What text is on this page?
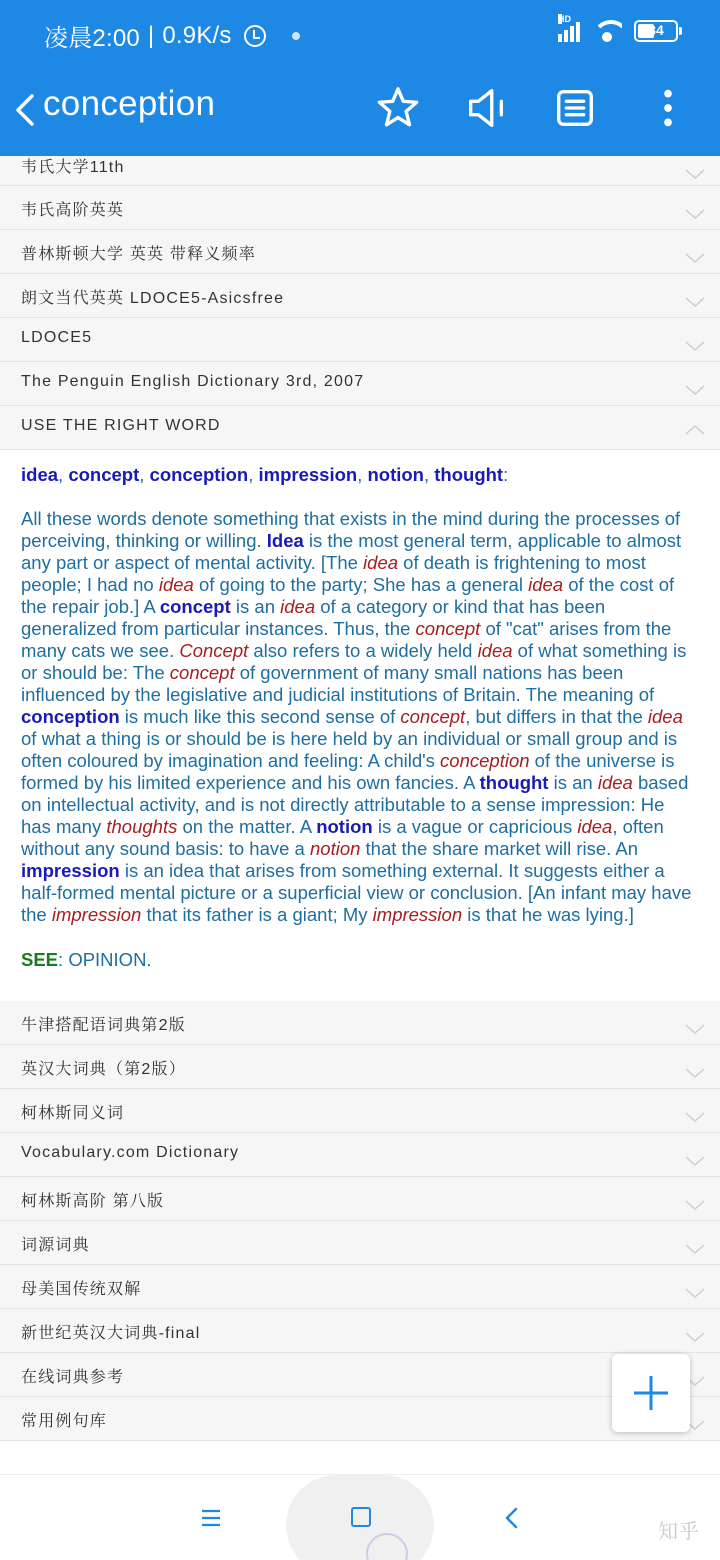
凌晨2:00 | 0.9K/s
HD
34
conception
韦氏大学11th
韦氏高阶英英
普林斯顿大学 英英 带释义频率
朗文当代英英 LDOCE5-Asicsfree
LDOCE5
The Penguin English Dictionary 3rd, 2007
USE THE RIGHT WORD

idea, concept, conception, impression, notion, thought:

All these words denote something that exists in the mind during the processes of perceiving, thinking or willing. Idea is the most general term, applicable to almost any part or aspect of mental activity. [The idea of death is frightening to most people; I had no idea of going to the party; She has a general idea of the cost of the repair job.] A concept is an idea of a category or kind that has been generalized from particular instances. Thus, the concept of "cat" arises from the many cats we see. Concept also refers to a widely held idea of what something is or should be: The concept of government of many small nations has been influenced by the legislative and judicial institutions of Britain. The meaning of conception is much like this second sense of concept, but differs in that the idea of what a thing is or should be is here held by an individual or small group and is often coloured by imagination and feeling: A child's conception of the universe is formed by his limited experience and his own fancies. A thought is an idea based on intellectual activity, and is not directly attributable to a sense impression: He has many thoughts on the matter. A notion is a vague or capricious idea, often without any sound basis: to have a notion that the share market will rise. An impression is an idea that arises from something external. It suggests either a half-formed mental picture or a superficial view or conclusion. [An infant may have the impression that its father is a giant; My impression is that he was lying.]

SEE: OPINION.

牛津搭配语词典第2版
英汉大词典（第2版）
柯林斯同义词
Vocabulary.com Dictionary
柯林斯高阶 第八版
词源词典
母美国传统双解
新世纪英汉大词典-final
在线词典参考
常用例句库
知乎
